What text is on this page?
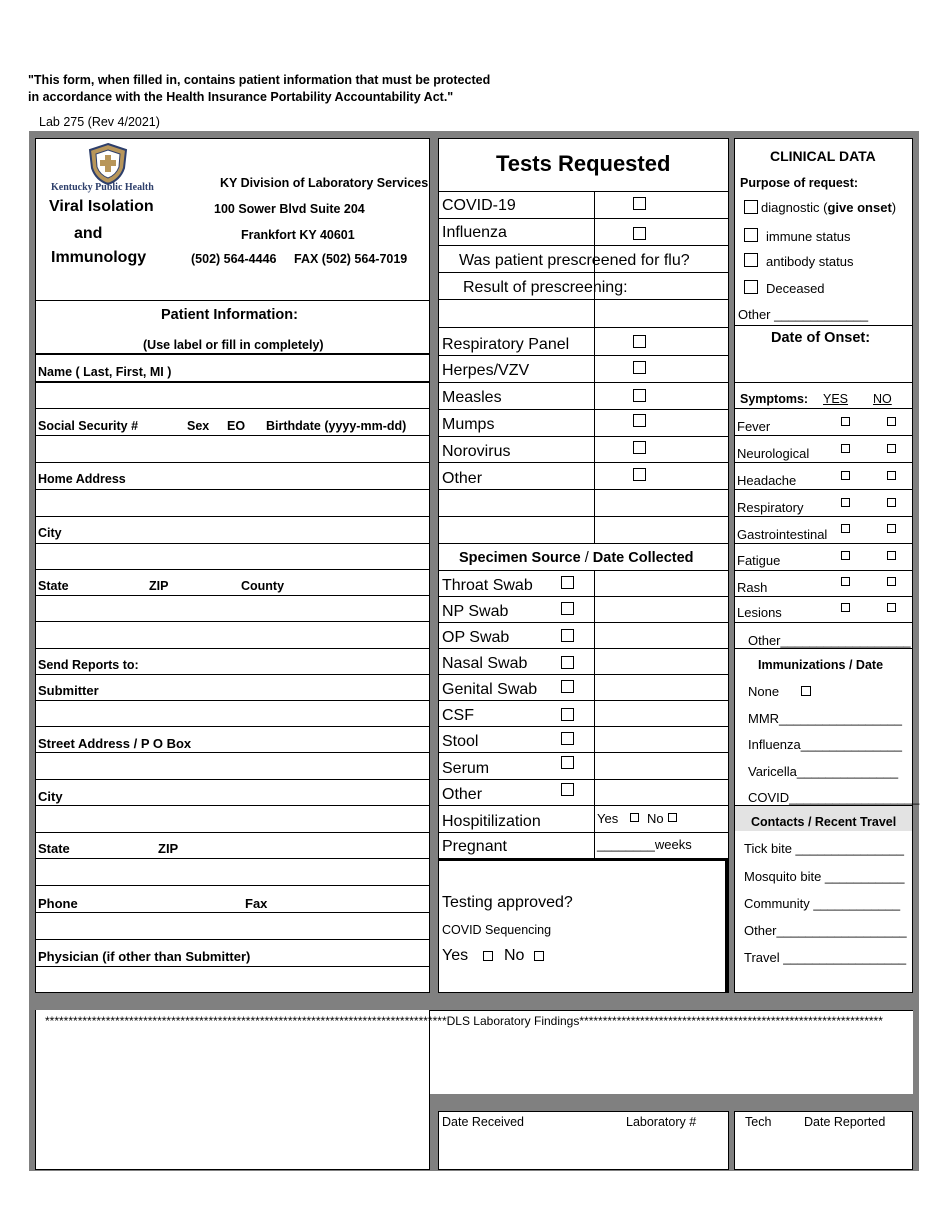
"This form, when filled in, contains patient information that must be protected
in accordance with the Health Insurance Portability Accountability Act."
Lab 275 (Rev 4/2021)
Kentucky Public Health
Viral Isolation
and
Immunology
KY Division of Laboratory Services
100 Sower Blvd Suite 204
Frankfort KY 40601
(502) 564-4446 FAX (502) 564-7019
Patient Information:
(Use label or fill in completely)
Name ( Last, First, MI )
Social Security #	Sex EO Birthdate (yyyy-mm-dd)
Home Address
City
State	ZIP	County
Send Reports to:
Submitter
Street Address / P O Box
City
State	ZIP
Phone	Fax
Physician (if other than Submitter)
Tests Requested
COVID-19
Influenza
Was patient prescreened for flu?
Result of prescreening:
Respiratory Panel
Herpes/VZV
Measles
Mumps
Norovirus
Other
Specimen Source / Date Collected
Throat Swab
NP Swab
OP Swab
Nasal Swab
Genital Swab
CSF
Stool
Serum
Other
Hospitilization	Yes No
Pregnant	________weeks
Testing approved?
COVID Sequencing
Yes No
CLINICAL DATA
Purpose of request:
diagnostic (give onset)
immune status
antibody status
Deceased
Other _____________
Date of Onset:
Symptoms: YES NO
Fever
Neurological
Headache
Respiratory
Gastrointestinal
Fatigue
Rash
Lesions
Other__________________
Immunizations / Date
None
MMR_________________
Influenza______________
Varicella______________
COVID__________________
Contacts / Recent Travel
Tick bite _______________
Mosquito bite ___________
Community ____________
Other__________________
Travel _________________
**************************************************************************************DLS Laboratory Findings*****************************************************************
Date Received	Laboratory #	Tech	Date Reported
